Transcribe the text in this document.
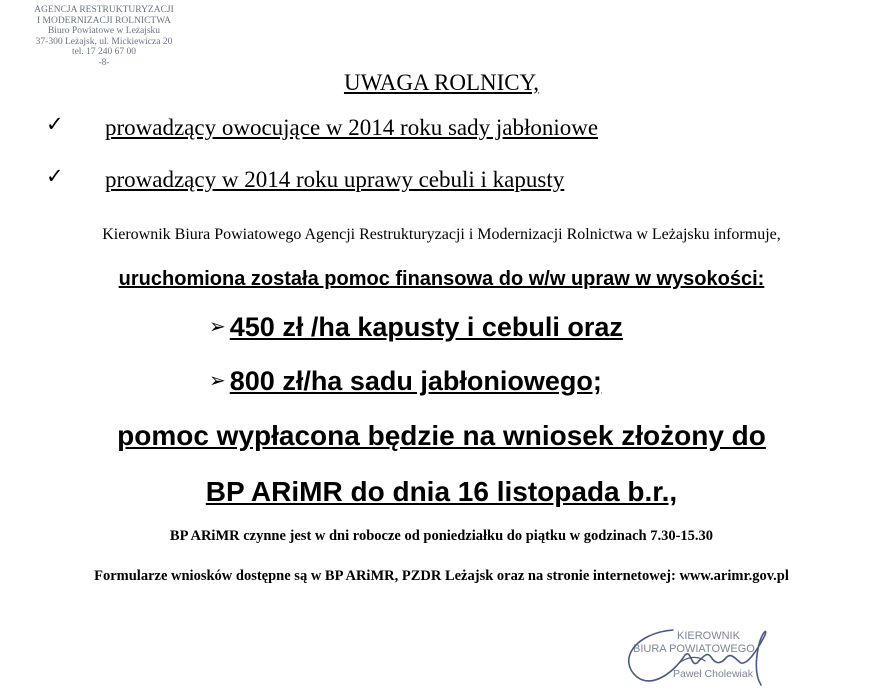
AGENCJA RESTRUKTURYZACJI
I MODERNIZACJI ROLNICTWA
Biuro Powiatowe w Leżajsku
37-300 Leżajsk, ul. Mickiewicza 20
tel. 17 240 67 00
-8-
UWAGA ROLNICY,
✓ prowadzący owocujące w 2014 roku sady jabłoniowe
✓ prowadzący w 2014 roku uprawy cebuli i kapusty
Kierownik Biura Powiatowego Agencji Restrukturyzacji i Modernizacji Rolnictwa w Leżajsku informuje,
uruchomiona została pomoc finansowa do w/w upraw w wysokości:
➢ 450 zł /ha kapusty i cebuli oraz
➢ 800 zł/ha sadu jabłoniowego;
pomoc wypłacona będzie na wniosek złożony do
BP ARiMR do dnia 16 listopada b.r.,
BP ARiMR czynne jest w dni robocze od poniedziałku do piątku w godzinach 7.30-15.30
Formularze wniosków dostępne są w BP ARiMR, PZDR Leżajsk oraz na stronie internetowej: www.arimr.gov.pl
KIEROWNIK
BIURA POWIATOWEGO
Paweł Cholewiak
